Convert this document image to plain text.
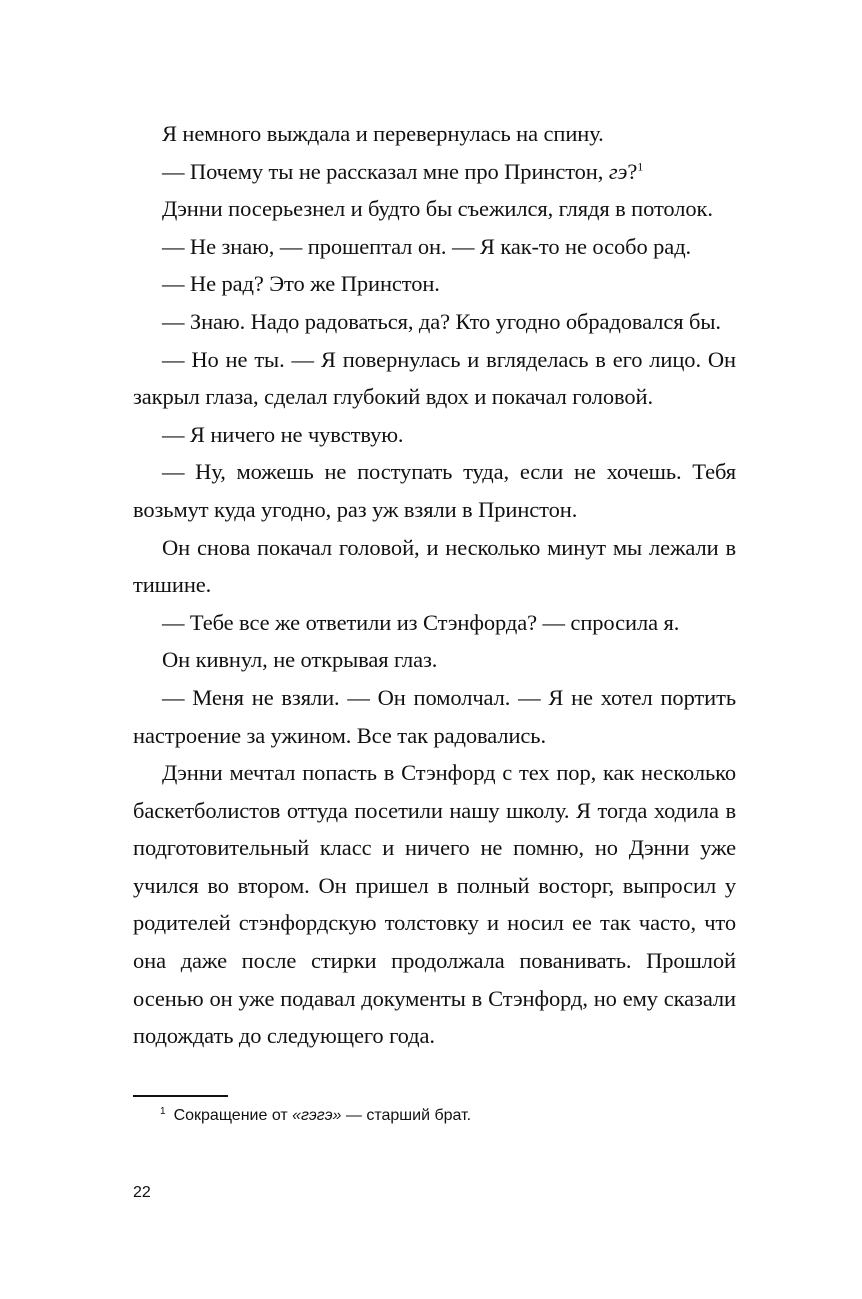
Я немного выждала и перевернулась на спину.

— Почему ты не рассказал мне про Принстон, гэ?$^1$

Дэнни посерьезнел и будто бы съежился, глядя в потолок.

— Не знаю, — прошептал он. — Я как-то не особо рад.

— Не рад? Это же Принстон.

— Знаю. Надо радоваться, да? Кто угодно обрадовался бы.

— Но не ты. — Я повернулась и вгляделась в его лицо. Он закрыл глаза, сделал глубокий вдох и покачал головой.

— Я ничего не чувствую.

— Ну, можешь не поступать туда, если не хочешь. Тебя возьмут куда угодно, раз уж взяли в Принстон.

Он снова покачал головой, и несколько минут мы лежали в тишине.

— Тебе все же ответили из Стэнфорда? — спросила я.

Он кивнул, не открывая глаз.

— Меня не взяли. — Он помолчал. — Я не хотел портить настроение за ужином. Все так радовались.

Дэнни мечтал попасть в Стэнфорд с тех пор, как несколько баскетболистов оттуда посетили нашу школу. Я тогда ходила в подготовительный класс и ничего не помню, но Дэнни уже учился во втором. Он пришел в полный восторг, выпросил у родителей стэнфордскую толстовку и носил ее так часто, что она даже после стирки продолжала пованивать. Прошлой осенью он уже подавал документы в Стэнфорд, но ему сказали подождать до следующего года.

$^1$ Сокращение от «гэгэ» — старший брат.
22
